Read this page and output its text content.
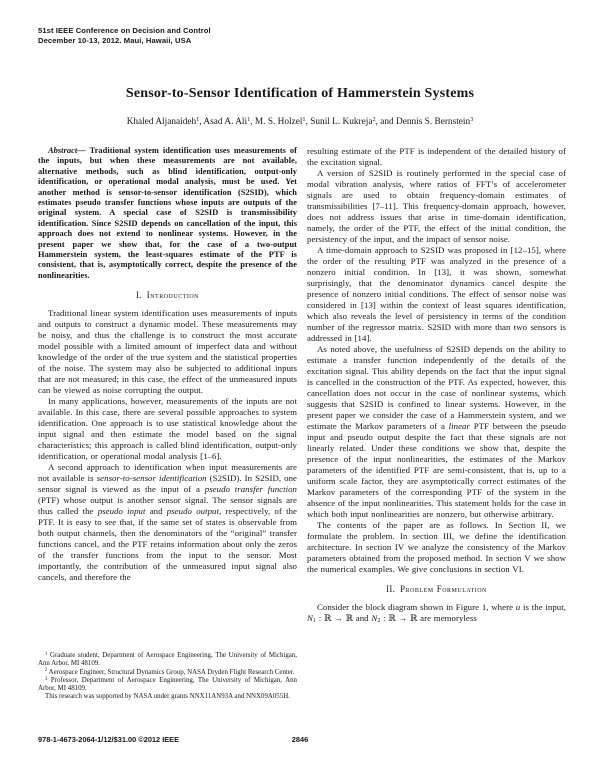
51st IEEE Conference on Decision and Control
December 10-13, 2012. Maui, Hawaii, USA
Sensor-to-Sensor Identification of Hammerstein Systems
Khaled Aljanaideh$^1$, Asad A. Ali$^1$, M. S. Holzel$^1$, Sunil L. Kukreja$^2$, and Dennis S. Bernstein$^3$

Abstract— Traditional system identification uses measurements of the inputs, but when these measurements are not available, alternative methods, such as blind identification, output-only identification, or operational modal analysis, must be used. Yet another method is sensor-to-sensor identification (S2SID), which estimates pseudo transfer functions whose inputs are outputs of the original system. A special case of S2SID is transmissibility identification. Since S2SID depends on cancellation of the input, this approach does not extend to nonlinear systems. However, in the present paper we show that, for the case of a two-output Hammerstein system, the least-squares estimate of the PTF is consistent, that is, asymptotically correct, despite the presence of the nonlinearities.

I. Introduction

Traditional linear system identification uses measurements of inputs and outputs to construct a dynamic model. These measurements may be noisy, and thus the challenge is to construct the most accurate model possible with a limited amount of imperfect data and without knowledge of the order of the true system and the statistical properties of the noise. The system may also be subjected to additional inputs that are not measured; in this case, the effect of the unmeasured inputs can be viewed as noise corrupting the output.

In many applications, however, measurements of the inputs are not available. In this case, there are several possible approaches to system identification. One approach is to use statistical knowledge about the input signal and then estimate the model based on the signal characteristics; this approach is called blind identification, output-only identification, or operational modal analysis [1–6].

A second approach to identification when input measurements are not available is sensor-to-sensor identification (S2SID). In S2SID, one sensor signal is viewed as the input of a pseudo transfer function (PTF) whose output is another sensor signal. The sensor signals are thus called the pseudo input and pseudo output, respectively, of the PTF. It is easy to see that, if the same set of states is observable from both output channels, then the denominators of the “original” transfer functions cancel, and the PTF retains information about only the zeros of the transfer functions from the input to the sensor. Most importantly, the contribution of the unmeasured input signal also cancels, and therefore the

resulting estimate of the PTF is independent of the detailed history of the excitation signal.

A version of S2SID is routinely performed in the special case of modal vibration analysis, where ratios of FFT’s of accelerometer signals are used to obtain frequency-domain estimates of transmissibilities [7–11]. This frequency-domain approach, however, does not address issues that arise in time-domain identification, namely, the order of the PTF, the effect of the initial condition, the persistency of the input, and the impact of sensor noise.

A time-domain approach to S2SID was proposed in [12–15], where the order of the resulting PTF was analyzed in the presence of a nonzero initial condition. In [13], it was shown, somewhat surprisingly, that the denominator dynamics cancel despite the presence of nonzero initial conditions. The effect of sensor noise was considered in [13] within the context of least squares identification, which also reveals the level of persistency in terms of the condition number of the regressor matrix. S2SID with more than two sensors is addressed in [14].

As noted above, the usefulness of S2SID depends on the ability to estimate a transfer function independently of the details of the excitation signal. This ability depends on the fact that the input signal is cancelled in the construction of the PTF. As expected, however, this cancellation does not occur in the case of nonlinear systems, which suggests that S2SID is confined to linear systems. However, in the present paper we consider the case of a Hammerstein system, and we estimate the Markov parameters of a linear PTF between the pseudo input and pseudo output despite the fact that these signals are not linearly related. Under these conditions we show that, despite the presence of the input nonlinearities, the estimates of the Markov parameters of the identified PTF are semi-consistent, that is, up to a uniform scale factor, they are asymptotically correct estimates of the Markov parameters of the corresponding PTF of the system in the absence of the input nonlinearities. This statement holds for the case in which both input nonlinearities are nonzero, but otherwise arbitrary.

The contents of the paper are as follows. In Section II, we formulate the problem. In section III, we define the identification architecture. In section IV we analyze the consistency of the Markov parameters obtained from the proposed method. In section V we show the numerical examples. We give conclusions in section VI.

II. Problem Formulation

Consider the block diagram shown in Figure 1, where u is the input, N1 : ℝ → ℝ and N2 : ℝ → ℝ are memoryless

$^1$ Graduate student, Department of Aerospace Engineering, The University of Michigan, Ann Arbor, MI 48109.

$^2$ Aerospace Engineer, Structural Dynamics Group, NASA Dryden Flight Research Center.

$^3$ Professor, Department of Aerospace Engineering, The University of Michigan, Ann Arbor, MI 48109.

This research was supported by NASA under grants NNX11AN93A and NNX09A055H.

978-1-4673-2064-1/12/$31.00 ©2012 IEEE	2846
